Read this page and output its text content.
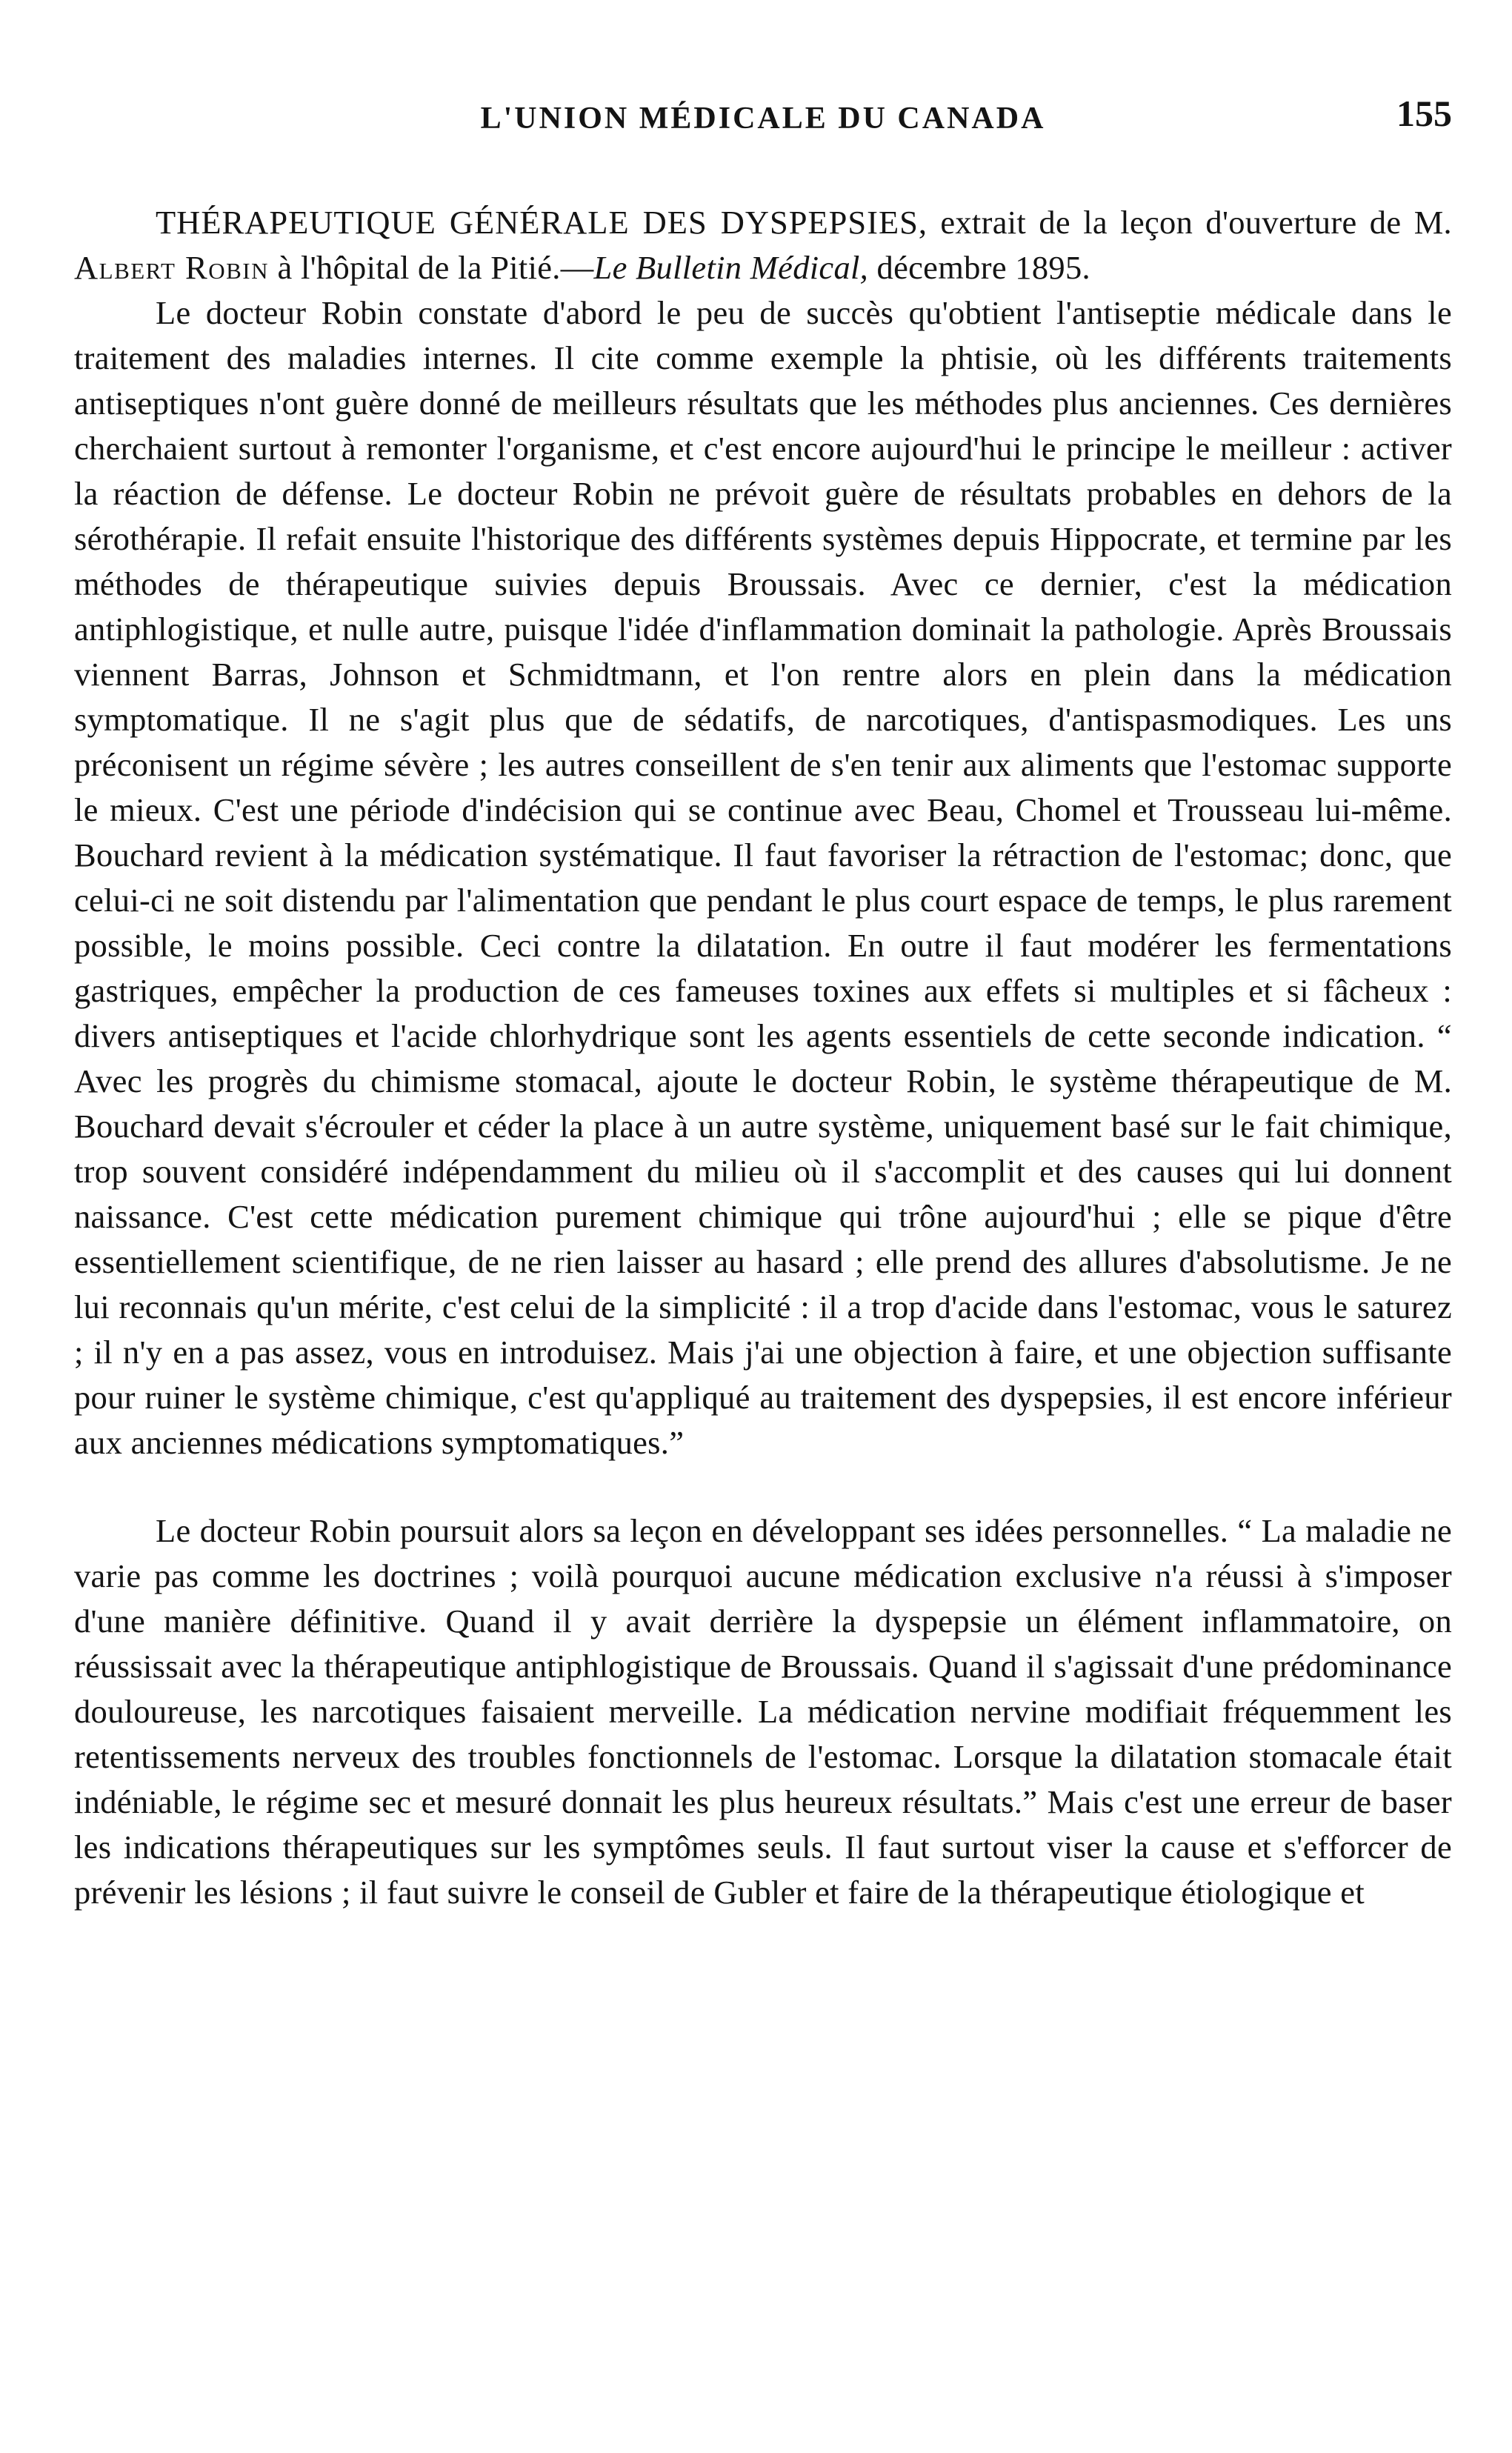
L'UNION MÉDICALE DU CANADA	155

THÉRAPEUTIQUE GÉNÉRALE DES DYSPEPSIES, extrait de la leçon d'ouverture de M. Albert Robin à l'hôpital de la Pitié.—Le Bulletin Médical, décembre 1895.

Le docteur Robin constate d'abord le peu de succès qu'obtient l'antiseptie médicale dans le traitement des maladies internes. Il cite comme exemple la phtisie, où les différents traitements antiseptiques n'ont guère donné de meilleurs résultats que les méthodes plus anciennes. Ces dernières cherchaient surtout à remonter l'organisme, et c'est encore aujourd'hui le principe le meilleur : activer la réaction de défense. Le docteur Robin ne prévoit guère de résultats probables en dehors de la sérothérapie. Il refait ensuite l'historique des différents systèmes depuis Hippocrate, et termine par les méthodes de thérapeutique suivies depuis Broussais. Avec ce dernier, c'est la médication antiphlogistique, et nulle autre, puisque l'idée d'inflammation dominait la pathologie. Après Broussais viennent Barras, Johnson et Schmidtmann, et l'on rentre alors en plein dans la médication symptomatique. Il ne s'agit plus que de sédatifs, de narcotiques, d'antispasmodiques. Les uns préconisent un régime sévère ; les autres conseillent de s'en tenir aux aliments que l'estomac supporte le mieux. C'est une période d'indécision qui se continue avec Beau, Chomel et Trousseau lui-même. Bouchard revient à la médication systématique. Il faut favoriser la rétraction de l'estomac; donc, que celui-ci ne soit distendu par l'alimentation que pendant le plus court espace de temps, le plus rarement possible, le moins possible. Ceci contre la dilatation. En outre il faut modérer les fermentations gastriques, empêcher la production de ces fameuses toxines aux effets si multiples et si fâcheux : divers antiseptiques et l'acide chlorhydrique sont les agents essentiels de cette seconde indication. “ Avec les progrès du chimisme stomacal, ajoute le docteur Robin, le système thérapeutique de M. Bouchard devait s'écrouler et céder la place à un autre système, uniquement basé sur le fait chimique, trop souvent considéré indépendamment du milieu où il s'accomplit et des causes qui lui donnent naissance. C'est cette médication purement chimique qui trône aujourd'hui ; elle se pique d'être essentiellement scientifique, de ne rien laisser au hasard ; elle prend des allures d'absolutisme. Je ne lui reconnais qu'un mérite, c'est celui de la simplicité : il a trop d'acide dans l'estomac, vous le saturez ; il n'y en a pas assez, vous en introduisez. Mais j'ai une objection à faire, et une objection suffisante pour ruiner le système chimique, c'est qu'appliqué au traitement des dyspepsies, il est encore inférieur aux anciennes médications symptomatiques.”

Le docteur Robin poursuit alors sa leçon en développant ses idées personnelles. “ La maladie ne varie pas comme les doctrines ; voilà pourquoi aucune médication exclusive n'a réussi à s'imposer d'une manière définitive. Quand il y avait derrière la dyspepsie un élément inflammatoire, on réussissait avec la thérapeutique antiphlogistique de Broussais. Quand il s'agissait d'une prédominance douloureuse, les narcotiques faisaient merveille. La médication nervine modifiait fréquemment les retentissements nerveux des troubles fonctionnels de l'estomac. Lorsque la dilatation stomacale était indéniable, le régime sec et mesuré donnait les plus heureux résultats.” Mais c'est une erreur de baser les indications thérapeutiques sur les symptômes seuls. Il faut surtout viser la cause et s'efforcer de prévenir les lésions ; il faut suivre le conseil de Gubler et faire de la thérapeutique étiologique et
